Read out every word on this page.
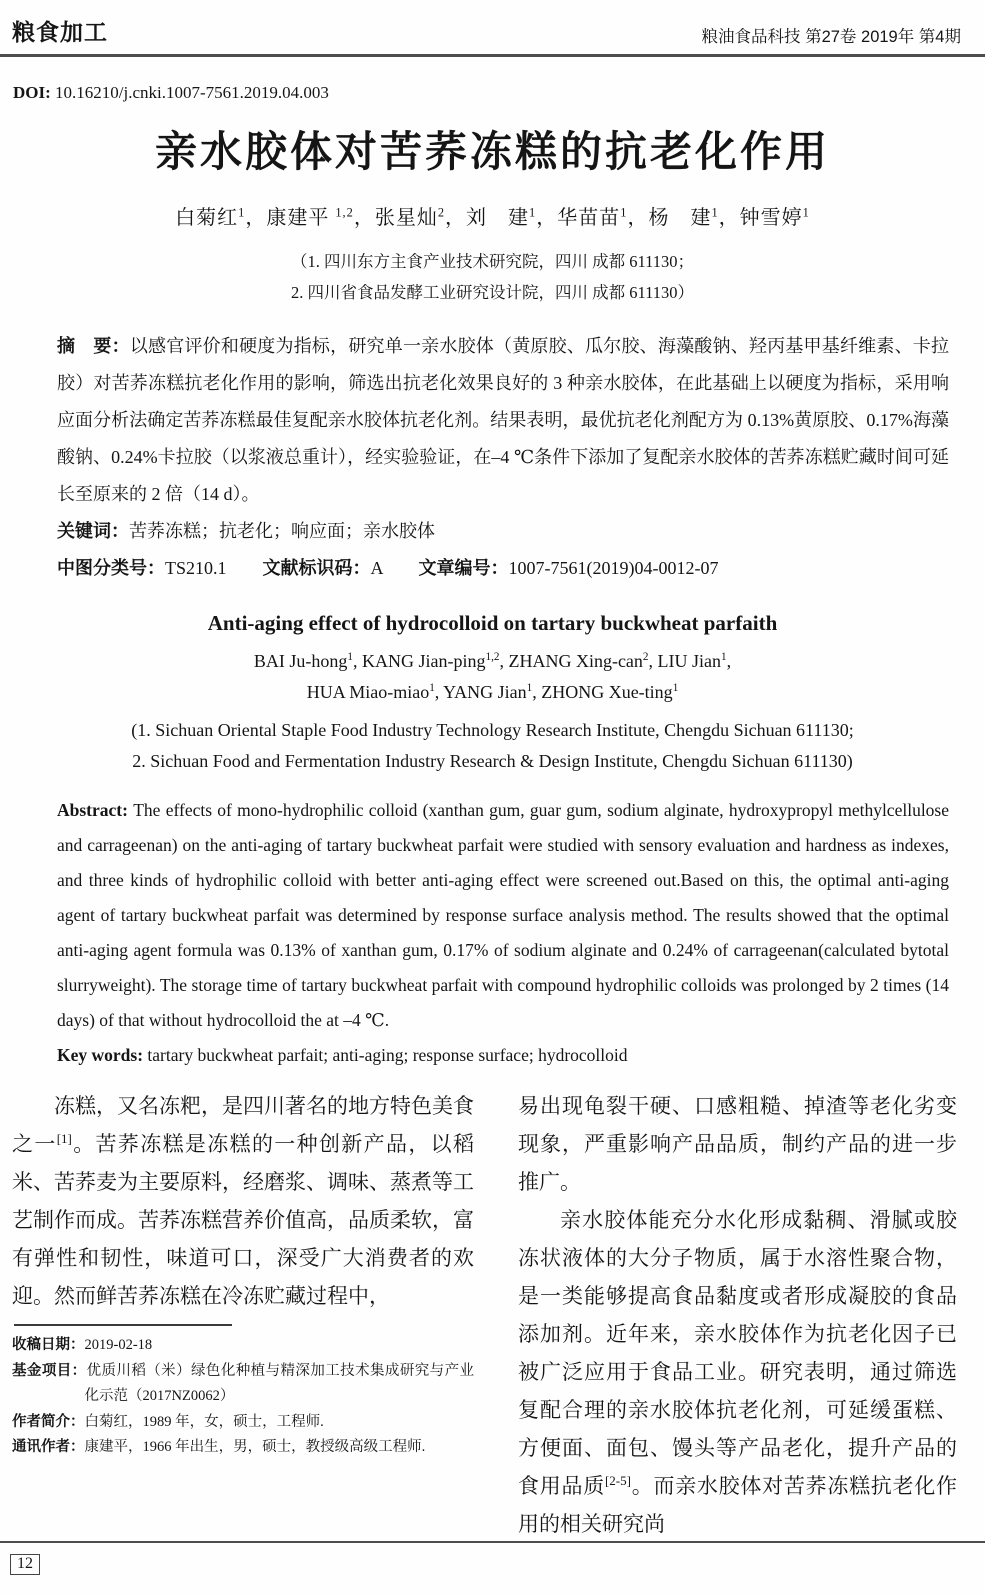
粮食加工	粮油食品科技 第27卷 2019年 第4期
DOI: 10.16210/j.cnki.1007-7561.2019.04.003
亲水胶体对苦荞冻糕的抗老化作用
白菊红$^1$，康建平 $^{1,2}$，张星灿$^2$，刘　建$^1$，华苗苗$^1$，杨　建$^1$，钟雪婷$^1$
（1. 四川东方主食产业技术研究院，四川 成都 611130；
2. 四川省食品发酵工业研究设计院，四川 成都 611130）
摘　要：以感官评价和硬度为指标，研究单一亲水胶体（黄原胶、瓜尔胶、海藻酸钠、羟丙基甲基纤维素、卡拉胶）对苦荞冻糕抗老化作用的影响，筛选出抗老化效果良好的 3 种亲水胶体，在此基础上以硬度为指标，采用响应面分析法确定苦荞冻糕最佳复配亲水胶体抗老化剂。结果表明，最优抗老化剂配方为 0.13%黄原胶、0.17%海藻酸钠、0.24%卡拉胶（以浆液总重计），经实验验证，在–4 ℃条件下添加了复配亲水胶体的苦荞冻糕贮藏时间可延长至原来的 2 倍（14 d）。
关键词：苦荞冻糕；抗老化；响应面；亲水胶体
中图分类号：TS210.1　　文献标识码：A　　文章编号：1007-7561(2019)04-0012-07
Anti-aging effect of hydrocolloid on tartary buckwheat parfaith
BAI Ju-hong$^1$, KANG Jian-ping$^{1,2}$, ZHANG Xing-can$^2$, LIU Jian$^1$,
HUA Miao-miao$^1$, YANG Jian$^1$, ZHONG Xue-ting$^1$
(1. Sichuan Oriental Staple Food Industry Technology Research Institute, Chengdu Sichuan 611130;
2. Sichuan Food and Fermentation Industry Research & Design Institute, Chengdu Sichuan 611130)
Abstract: The effects of mono-hydrophilic colloid (xanthan gum, guar gum, sodium alginate, hydroxypropyl methylcellulose and carrageenan) on the anti-aging of tartary buckwheat parfait were studied with sensory evaluation and hardness as indexes, and three kinds of hydrophilic colloid with better anti-aging effect were screened out.Based on this, the optimal anti-aging agent of tartary buckwheat parfait was determined by response surface analysis method. The results showed that the optimal anti-aging agent formula was 0.13% of xanthan gum, 0.17% of sodium alginate and 0.24% of carrageenan(calculated bytotal slurryweight). The storage time of tartary buckwheat parfait with compound hydrophilic colloids was prolonged by 2 times (14 days) of that without hydrocolloid the at –4 ℃.
Key words: tartary buckwheat parfait; anti-aging; response surface; hydrocolloid

冻糕，又名冻粑，是四川著名的地方特色美食之一[1]。苦荞冻糕是冻糕的一种创新产品，以稻米、苦荞麦为主要原料，经磨浆、调味、蒸煮等工艺制作而成。苦荞冻糕营养价值高，品质柔软，富有弹性和韧性，味道可口，深受广大消费者的欢迎。然而鲜苦荞冻糕在冷冻贮藏过程中，

收稿日期：2019-02-18
基金项目：优质川稻（米）绿色化种植与精深加工技术集成研究与产业化示范（2017NZ0062）
作者简介：白菊红，1989 年，女，硕士，工程师.
通讯作者：康建平，1966 年出生，男，硕士，教授级高级工程师.

易出现龟裂干硬、口感粗糙、掉渣等老化劣变现象，严重影响产品品质，制约产品的进一步推广。

亲水胶体能充分水化形成黏稠、滑腻或胶冻状液体的大分子物质，属于水溶性聚合物，是一类能够提高食品黏度或者形成凝胶的食品添加剂。近年来，亲水胶体作为抗老化因子已被广泛应用于食品工业。研究表明，通过筛选复配合理的亲水胶体抗老化剂，可延缓蛋糕、方便面、面包、馒头等产品老化，提升产品的食用品质[2-5]。而亲水胶体对苦荞冻糕抗老化作用的相关研究尚

12
